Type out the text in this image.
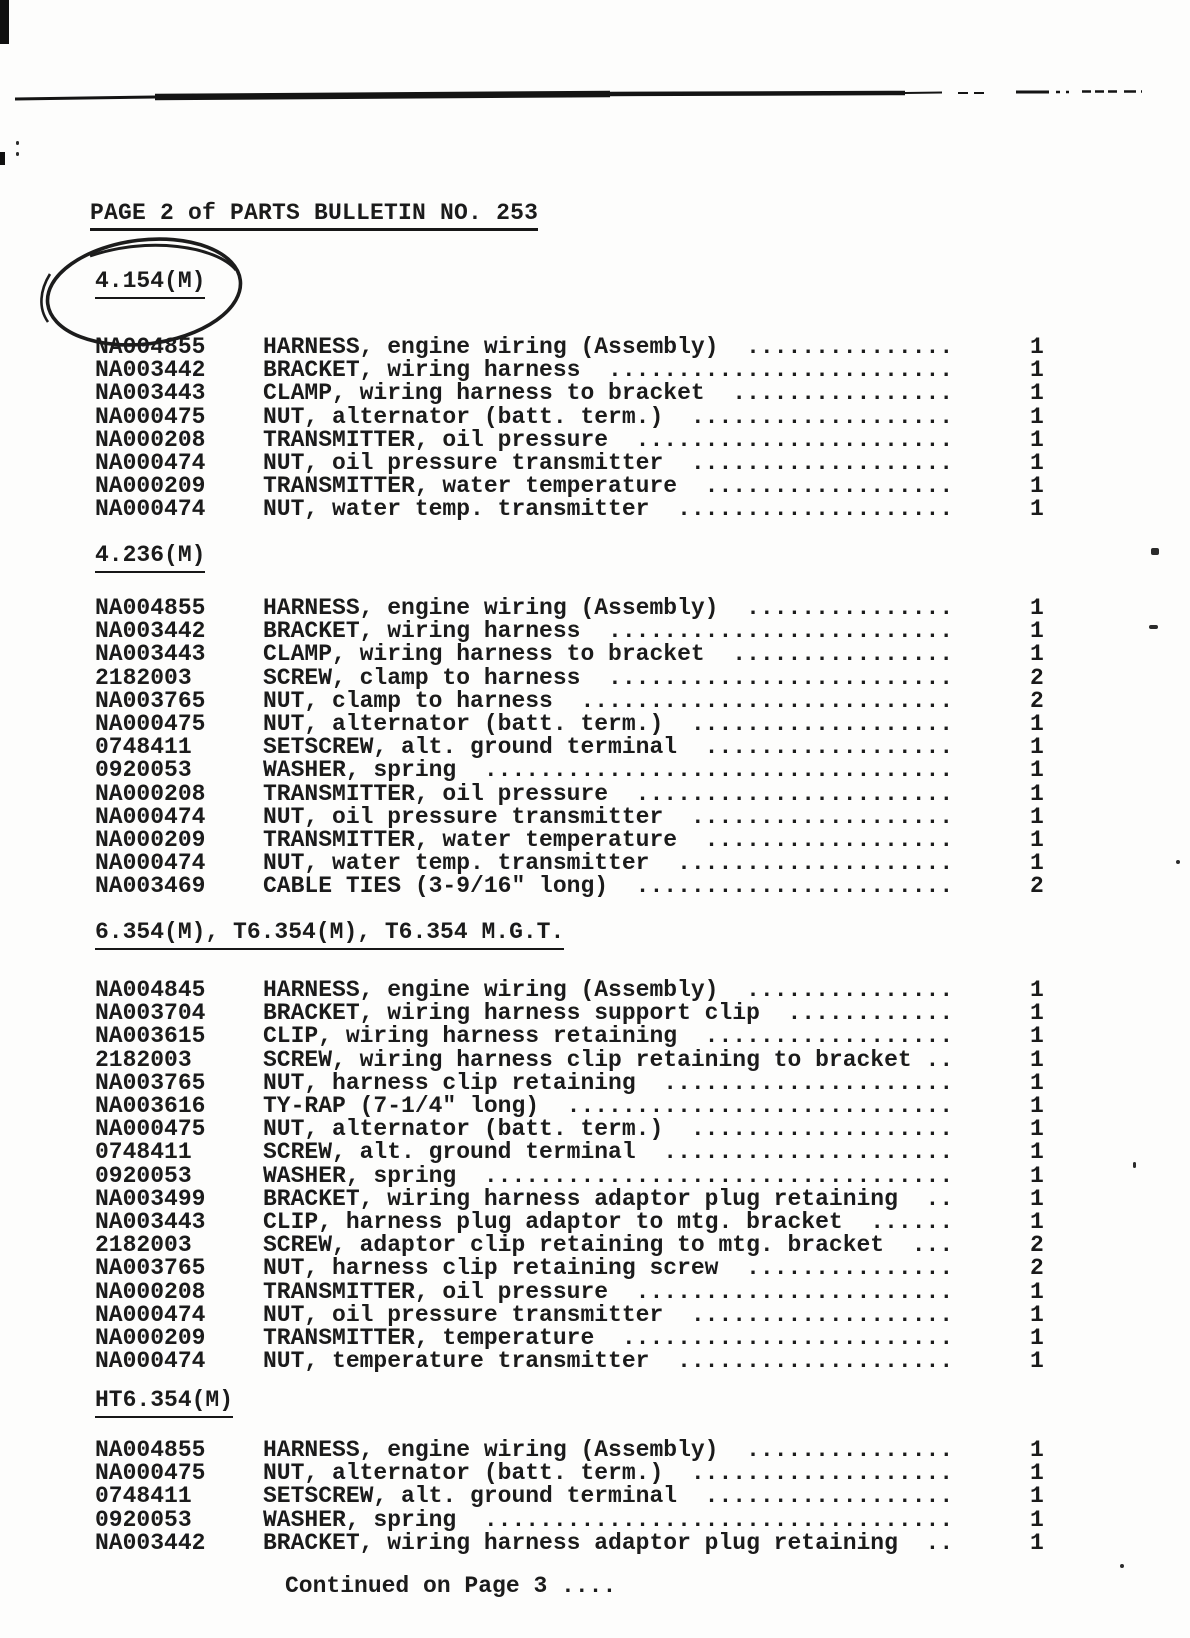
PAGE 2 of PARTS BULLETIN NO. 253
4.154(M)
NA004855	HARNESS, engine wiring (Assembly)  ...............	1
NA003442	BRACKET, wiring harness  .........................	1
NA003443	CLAMP, wiring harness to bracket  ................	1
NA000475	NUT, alternator (batt. term.)  ...................	1
NA000208	TRANSMITTER, oil pressure  .......................	1
NA000474	NUT, oil pressure transmitter  ...................	1
NA000209	TRANSMITTER, water temperature  ..................	1
NA000474	NUT, water temp. transmitter  ....................	1
4.236(M)
NA004855	HARNESS, engine wiring (Assembly)  ...............	1
NA003442	BRACKET, wiring harness  .........................	1
NA003443	CLAMP, wiring harness to bracket  ................	1
2182003	SCREW, clamp to harness  .........................	2
NA003765	NUT, clamp to harness  ...........................	2
NA000475	NUT, alternator (batt. term.)  ...................	1
0748411	SETSCREW, alt. ground terminal  ..................	1
0920053	WASHER, spring  ..................................	1
NA000208	TRANSMITTER, oil pressure  .......................	1
NA000474	NUT, oil pressure transmitter  ...................	1
NA000209	TRANSMITTER, water temperature  ..................	1
NA000474	NUT, water temp. transmitter  ....................	1
NA003469	CABLE TIES (3-9/16" long)  .......................	2
6.354(M), T6.354(M), T6.354 M.G.T.
NA004845	HARNESS, engine wiring (Assembly)  ...............	1
NA003704	BRACKET, wiring harness support clip  ............	1
NA003615	CLIP, wiring harness retaining  ..................	1
2182003	SCREW, wiring harness clip retaining to bracket ..	1
NA003765	NUT, harness clip retaining  .....................	1
NA003616	TY-RAP (7-1/4" long)  ............................	1
NA000475	NUT, alternator (batt. term.)  ...................	1
0748411	SCREW, alt. ground terminal  .....................	1
0920053	WASHER, spring  ..................................	1
NA003499	BRACKET, wiring harness adaptor plug retaining  ..	1
NA003443	CLIP, harness plug adaptor to mtg. bracket  ......	1
2182003	SCREW, adaptor clip retaining to mtg. bracket  ...	2
NA003765	NUT, harness clip retaining screw  ...............	2
NA000208	TRANSMITTER, oil pressure  .......................	1
NA000474	NUT, oil pressure transmitter  ...................	1
NA000209	TRANSMITTER, temperature  ........................	1
NA000474	NUT, temperature transmitter  ....................	1
HT6.354(M)
NA004855	HARNESS, engine wiring (Assembly)  ...............	1
NA000475	NUT, alternator (batt. term.)  ...................	1
0748411	SETSCREW, alt. ground terminal  ..................	1
0920053	WASHER, spring  ..................................	1
NA003442	BRACKET, wiring harness adaptor plug retaining  ..	1
Continued on Page 3 ....
